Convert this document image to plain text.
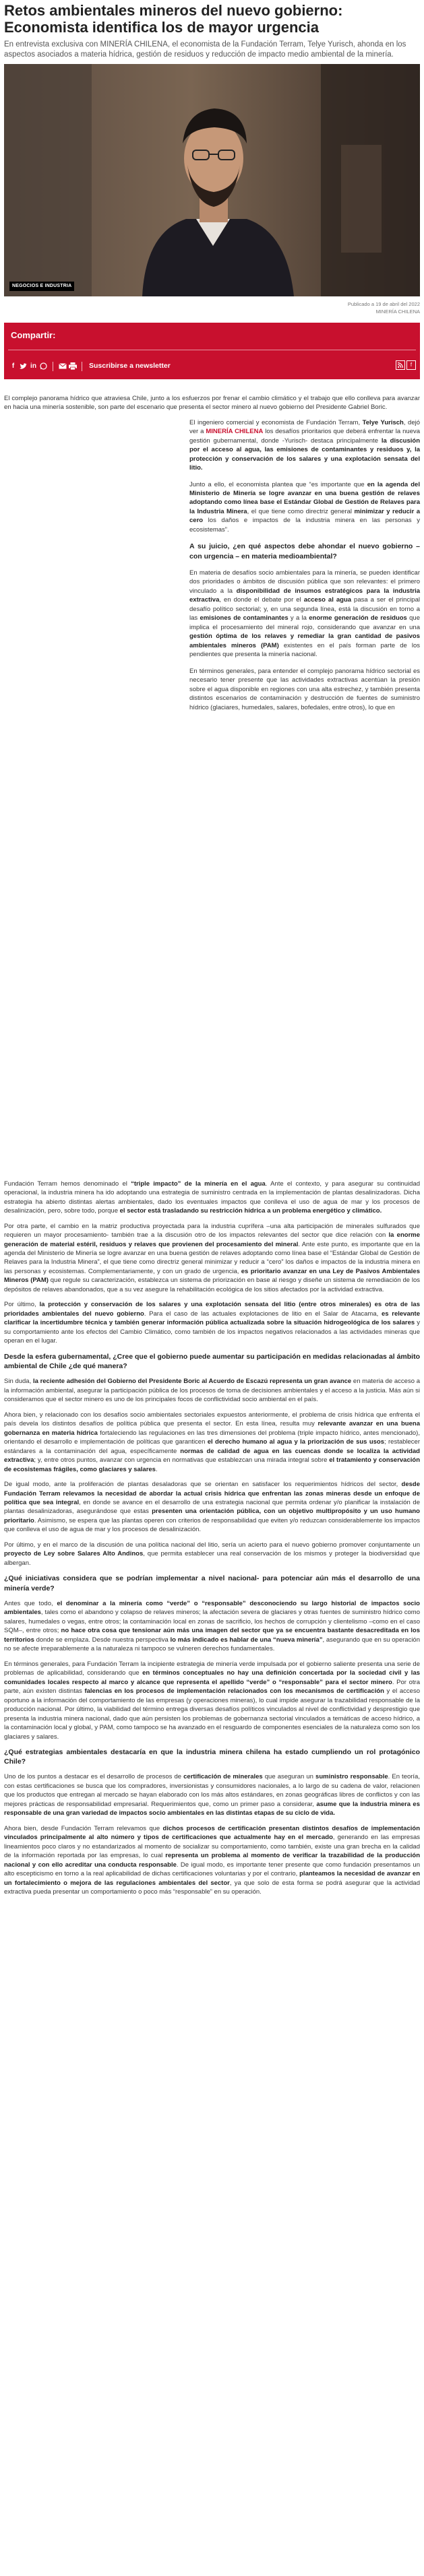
Retos ambientales mineros del nuevo gobierno: Economista identifica los de mayor urgencia

En entrevista exclusiva con MINERÍA CHILENA, el economista de la Fundación Terram, Telye Yurisch, ahonda en los aspectos asociados a materia hídrica, gestión de residuos y reducción de impacto medio ambiental de la minería.

NEGOCIOS E INDUSTRIA
Publicado a 19 de abril del 2022
MINERÍA CHILENA
Compartir:
f	in	Suscribirse a newsletter	f

El complejo panorama hídrico que atraviesa Chile, junto a los esfuerzos por frenar el cambio climático y el trabajo que ello conlleva para avanzar en hacia una minería sostenible, son parte del escenario que presenta el sector minero al nuevo gobierno del Presidente Gabriel Boric.

El ingeniero comercial y economista de Fundación Terram, Telye Yurisch, dejó ver a MINERÍA CHILENA los desafíos prioritarios que deberá enfrentar la nueva gestión gubernamental, donde -Yurisch- destaca principalmente la discusión por el acceso al agua, las emisiones de contaminantes y residuos y, la protección y conservación de los salares y una explotación sensata del litio.

Junto a ello, el economista plantea que “es importante que en la agenda del Ministerio de Minería se logre avanzar en una buena gestión de relaves adoptando como línea base el Estándar Global de Gestión de Relaves para la Industria Minera, el que tiene como directriz general minimizar y reducir a cero los daños e impactos de la industria minera en las personas y ecosistemas”.

A su juicio, ¿en qué aspectos debe ahondar el nuevo gobierno – con urgencia – en materia medioambiental?

En materia de desafíos socio ambientales para la minería, se pueden identificar dos prioridades o ámbitos de discusión pública que son relevantes: el primero vinculado a la disponibilidad de insumos estratégicos para la industria extractiva, en donde el debate por el acceso al agua pasa a ser el principal desafío político sectorial; y, en una segunda línea, está la discusión en torno a las emisiones de contaminantes y a la enorme generación de residuos que implica el procesamiento del mineral rojo, considerando que avanzar en una gestión óptima de los relaves y remediar la gran cantidad de pasivos ambientales mineros (PAM) existentes en el país forman parte de los pendientes que presenta la minería nacional.

En términos generales, para entender el complejo panorama hídrico sectorial es necesario tener presente que las actividades extractivas acentúan la presión sobre el agua disponible en regiones con una alta estrechez, y también presenta distintos escenarios de contaminación y destrucción de fuentes de suministro hídrico (glaciares, humedales, salares, bofedales, entre otros), lo que en

Fundación Terram hemos denominado el “triple impacto” de la minería en el agua. Ante el contexto, y para asegurar su continuidad operacional, la industria minera ha ido adoptando una estrategia de suministro centrada en la implementación de plantas desalinizadoras. Dicha estrategia ha abierto distintas alertas ambientales, dado los eventuales impactos que conlleva el uso de agua de mar y los procesos de desalinización, pero, sobre todo, porque el sector está trasladando su restricción hídrica a un problema energético y climático.

Por otra parte, el cambio en la matriz productiva proyectada para la industria cuprífera –una alta participación de minerales sulfurados que requieren un mayor procesamiento- también trae a la discusión otro de los impactos relevantes del sector que dice relación con la enorme generación de material estéril, residuos y relaves que provienen del procesamiento del mineral. Ante este punto, es importante que en la agenda del Ministerio de Minería se logre avanzar en una buena gestión de relaves adoptando como línea base el “Estándar Global de Gestión de Relaves para la Industria Minera”, el que tiene como directriz general minimizar y reducir a “cero” los daños e impactos de la industria minera en las personas y ecosistemas. Complementariamente, y con un grado de urgencia, es prioritario avanzar en una Ley de Pasivos Ambientales Mineros (PAM) que regule su caracterización, establezca un sistema de priorización en base al riesgo y diseñe un sistema de remediación de los depósitos de relaves abandonados, que a su vez asegure la rehabilitación ecológica de los sitios afectados por la actividad extractiva.

Por último, la protección y conservación de los salares y una explotación sensata del litio (entre otros minerales) es otra de las prioridades ambientales del nuevo gobierno. Para el caso de las actuales explotaciones de litio en el Salar de Atacama, es relevante clarificar la incertidumbre técnica y también generar información pública actualizada sobre la situación hidrogeológica de los salares y su comportamiento ante los efectos del Cambio Climático, como también de los impactos negativos relacionados a las actividades mineras que operan en el lugar.

Desde la esfera gubernamental, ¿Cree que el gobierno puede aumentar su participación en medidas relacionadas al ámbito ambiental de Chile ¿de qué manera?

Sin duda, la reciente adhesión del Gobierno del Presidente Boric al Acuerdo de Escazú representa un gran avance en materia de acceso a la información ambiental, asegurar la participación pública de los procesos de toma de decisiones ambientales y el acceso a la justicia. Más aún si consideramos que el sector minero es uno de los principales focos de conflictividad socio ambiental en el país.

Ahora bien, y relacionado con los desafíos socio ambientales sectoriales expuestos anteriormente, el problema de crisis hídrica que enfrenta el país devela los distintos desafíos de política pública que presenta el sector. En esta línea, resulta muy relevante avanzar en una buena gobernanza en materia hídrica fortaleciendo las regulaciones en las tres dimensiones del problema (triple impacto hídrico, antes mencionado), orientando el desarrollo e implementación de políticas que garanticen el derecho humano al agua y la priorización de sus usos; restablecer estándares a la contaminación del agua, específicamente normas de calidad de agua en las cuencas donde se localiza la actividad extractiva; y, entre otros puntos, avanzar con urgencia en normativas que establezcan una mirada integral sobre el tratamiento y conservación de ecosistemas frágiles, como glaciares y salares.

De igual modo, ante la proliferación de plantas desaladoras que se orientan en satisfacer los requerimientos hídricos del sector, desde Fundación Terram relevamos la necesidad de abordar la actual crisis hídrica que enfrentan las zonas mineras desde un enfoque de política que sea integral, en donde se avance en el desarrollo de una estrategia nacional que permita ordenar y/o planificar la instalación de plantas desalinizadoras, asegurándose que estas presenten una orientación pública, con un objetivo multipropósito y un uso humano prioritario. Asimismo, se espera que las plantas operen con criterios de responsabilidad que eviten y/o reduzcan considerablemente los impactos que conlleva el uso de agua de mar y los procesos de desalinización.

Por último, y en el marco de la discusión de una política nacional del litio, sería un acierto para el nuevo gobierno promover conjuntamente un proyecto de Ley sobre Salares Alto Andinos, que permita establecer una real conservación de los mismos y proteger la biodiversidad que albergan.

¿Qué iniciativas considera que se podrían implementar a nivel nacional- para potenciar aún más el desarrollo de una minería verde?

Antes que todo, el denominar a la minería como “verde” o “responsable” desconociendo su largo historial de impactos socio ambientales, tales como el abandono y colapso de relaves mineros; la afectación severa de glaciares y otras fuentes de suministro hídrico como salares, humedales o vegas, entre otros; la contaminación local en zonas de sacrificio, los hechos de corrupción y clientelismo –como en el caso SQM–, entre otros; no hace otra cosa que tensionar aún más una imagen del sector que ya se encuentra bastante desacreditada en los territorios donde se emplaza. Desde nuestra perspectiva lo más indicado es hablar de una “nueva minería”, asegurando que en su operación no se afecte irreparablemente a la naturaleza ni tampoco se vulneren derechos fundamentales.

En términos generales, para Fundación Terram la incipiente estrategia de minería verde impulsada por el gobierno saliente presenta una serie de problemas de aplicabilidad, considerando que en términos conceptuales no hay una definición concertada por la sociedad civil y las comunidades locales respecto al marco y alcance que representa el apellido “verde” o “responsable” para el sector minero. Por otra parte, aún existen distintas falencias en los procesos de implementación relacionados con los mecanismos de certificación y el acceso oportuno a la información del comportamiento de las empresas (y operaciones mineras), lo cual impide asegurar la trazabilidad responsable de la producción nacional. Por último, la viabilidad del término entrega diversas desafíos políticos vinculados al nivel de conflictividad y desprestigio que presenta la industria minera nacional, dado que aún persisten los problemas de gobernanza sectorial vinculados a temáticas de acceso hídrico, a la contaminación local y global, y PAM, como tampoco se ha avanzado en el resguardo de componentes esenciales de la naturaleza como son los glaciares y salares.

¿Qué estrategias ambientales destacaría en que la industria minera chilena ha estado cumpliendo un rol protagónico Chile?

Uno de los puntos a destacar es el desarrollo de procesos de certificación de minerales que aseguran un suministro responsable. En teoría, con estas certificaciones se busca que los compradores, inversionistas y consumidores nacionales, a lo largo de su cadena de valor, relacionen que los productos que entregan al mercado se hayan elaborado con los más altos estándares, en zonas geográficas libres de conflictos y con las mejores prácticas de responsabilidad empresarial. Requerimientos que, como un primer paso a considerar, asume que la industria minera es responsable de una gran variedad de impactos socio ambientales en las distintas etapas de su ciclo de vida.

Ahora bien, desde Fundación Terram relevamos que dichos procesos de certificación presentan distintos desafíos de implementación vinculados principalmente al alto número y tipos de certificaciones que actualmente hay en el mercado, generando en las empresas lineamientos poco claros y no estandarizados al momento de socializar su comportamiento, como también, existe una gran brecha en la calidad de la información reportada por las empresas, lo cual representa un problema al momento de verificar la trazabilidad de la producción nacional y con ello acreditar una conducta responsable. De igual modo, es importante tener presente que como fundación presentamos un alto escepticismo en torno a la real aplicabilidad de dichas certificaciones voluntarias y por el contrario, planteamos la necesidad de avanzar en un fortalecimiento o mejora de las regulaciones ambientales del sector, ya que solo de esta forma se podrá asegurar que la actividad extractiva pueda presentar un comportamiento o poco más “responsable” en su operación.
